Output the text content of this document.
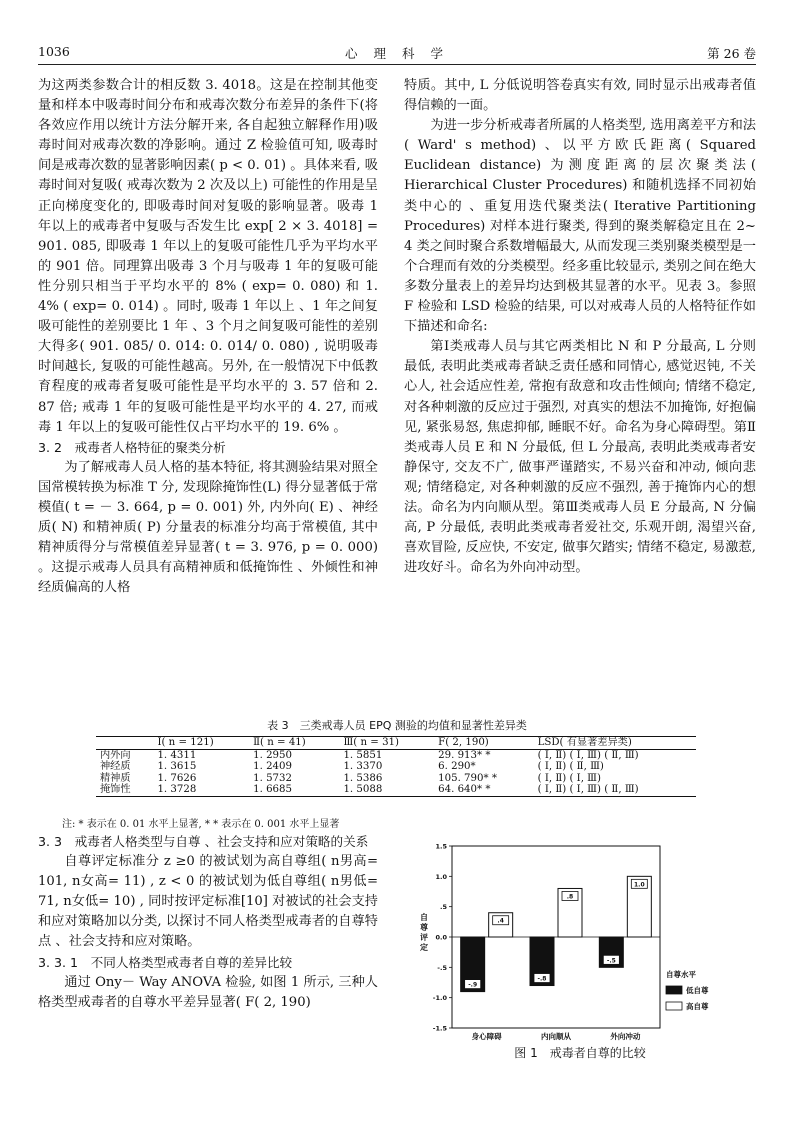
1036	心 理 科 学	第 26 卷

为这两类参数合计的相反数 3. 4018。这是在控制其他变量和样本中吸毒时间分布和戒毒次数分布差异的条件下(将各效应作用以统计方法分解开来, 各自起独立解释作用)吸毒时间对戒毒次数的净影响。通过 Z 检验值可知, 吸毒时间是戒毒次数的显著影响因素( p < 0. 01) 。具体来看, 吸毒时间对复吸( 戒毒次数为 2 次及以上) 可能性的作用是呈正向梯度变化的, 即吸毒时间对复吸的影响显著。吸毒 1 年以上的戒毒者中复吸与否发生比 exp[ 2 × 3. 4018] = 901. 085, 即吸毒 1 年以上的复吸可能性几乎为平均水平的 901 倍。同理算出吸毒 3 个月与吸毒 1 年的复吸可能性分别只相当于平均水平的 8% ( exp= 0. 080) 和 1. 4% ( exp= 0. 014) 。同时, 吸毒 1 年以上 、1 年之间复吸可能性的差别要比 1 年 、3 个月之间复吸可能性的差别大得多( 901. 085/ 0. 014: 0. 014/ 0. 080) , 说明吸毒时间越长, 复吸的可能性越高。另外, 在一般情况下中低教育程度的戒毒者复吸可能性是平均水平的 3. 57 倍和 2. 87 倍; 戒毒 1 年的复吸可能性是平均水平的 4. 27, 而戒毒 1 年以上的复吸可能性仅占平均水平的 19. 6% 。

3. 2　戒毒者人格特征的聚类分析

为了解戒毒人员人格的基本特征, 将其测验结果对照全国常模转换为标准 T 分, 发现除掩饰性(L) 得分显著低于常模值( t = － 3. 664, p = 0. 001) 外, 内外向( E) 、神经质( N) 和精神质( P) 分量表的标准分均高于常模值, 其中精神质得分与常模值差异显著( t = 3. 976, p = 0. 000) 。这提示戒毒人员具有高精神质和低掩饰性 、外倾性和神经质偏高的人格

特质。其中, L 分低说明答卷真实有效, 同时显示出戒毒者值得信赖的一面。

为进一步分析戒毒者所属的人格类型, 选用离差平方和法( Ward' s method) 、以平方欧氏距离( Squared Euclidean distance) 为测度距离的层次聚类法( Hierarchical Cluster Procedures) 和随机选择不同初始类中心的 、重复用迭代聚类法( Iterative Partitioning Procedures) 对样本进行聚类, 得到的聚类解稳定且在 2~ 4 类之间时聚合系数增幅最大, 从而发现三类别聚类模型是一个合理而有效的分类模型。经多重比较显示, 类别之间在绝大多数分量表上的差异均达到极其显著的水平。见表 3。参照 F 检验和 LSD 检验的结果, 可以对戒毒人员的人格特征作如下描述和命名:

第Ⅰ类戒毒人员与其它两类相比 N 和 P 分最高, L 分则最低, 表明此类戒毒者缺乏责任感和同情心, 感觉迟钝, 不关心人, 社会适应性差, 常抱有敌意和攻击性倾向; 情绪不稳定, 对各种刺激的反应过于强烈, 对真实的想法不加掩饰, 好抱偏见, 紧张易怒, 焦虑抑郁, 睡眠不好。命名为身心障碍型。第Ⅱ类戒毒人员 E 和 N 分最低, 但 L 分最高, 表明此类戒毒者安静保守, 交友不广, 做事严谨踏实, 不易兴奋和冲动, 倾向悲观; 情绪稳定, 对各种刺激的反应不强烈, 善于掩饰内心的想法。命名为内向顺从型。第Ⅲ类戒毒人员 E 分最高, N 分偏高, P 分最低, 表明此类戒毒者爱社交, 乐观开朗, 渴望兴奋, 喜欢冒险, 反应快, 不安定, 做事欠踏实; 情绪不稳定, 易激惹, 进攻好斗。命名为外向冲动型。

表 3　三类戒毒人员 EPQ 测验的均值和显著性差异类
	Ⅰ( n = 121)	Ⅱ( n = 41)	Ⅲ( n = 31)	F( 2, 190)	LSD( 有显著差异类)
内外向	1. 4311	1. 2950	1. 5851	29. 913* *	( Ⅰ, Ⅱ) ( Ⅰ, Ⅲ) ( Ⅱ, Ⅲ)
神经质	1. 3615	1. 2409	1. 3370	6. 290*	( Ⅰ, Ⅱ) ( Ⅱ, Ⅲ)
精神质	1. 7626	1. 5732	1. 5386	105. 790* *	( Ⅰ, Ⅱ) ( Ⅰ, Ⅲ)
掩饰性	1. 3728	1. 6685	1. 5088	64. 640* *	( Ⅰ, Ⅱ) ( Ⅰ, Ⅲ) ( Ⅱ, Ⅲ)
注: * 表示在 0. 01 水平上显著, * * 表示在 0. 001 水平上显著

3. 3　戒毒者人格类型与自尊 、社会支持和应对策略的关系

自尊评定标准分 z ≥0 的被试划为高自尊组( n男高= 101, n女高= 11) , z < 0 的被试划为低自尊组( n男低= 71, n女低= 10) , 同时按评定标准[10] 对被试的社会支持和应对策略加以分类, 以探讨不同人格类型戒毒者的自尊特点 、社会支持和应对策略。

3. 3. 1　不同人格类型戒毒者自尊的差异比较

通过 Ony－ Way ANOVA 检验, 如图 1 所示, 三种人格类型戒毒者的自尊水平差异显著( F( 2, 190)

1.5
1.0
.5
0.0
-.5
-1.0
-1.5
自
尊
评
定
-.9
.4
身心障碍
-.8
.8
内向顺从
-.5
1.0
外向冲动
自尊水平
低自尊
高自尊
图 1　戒毒者自尊的比较
